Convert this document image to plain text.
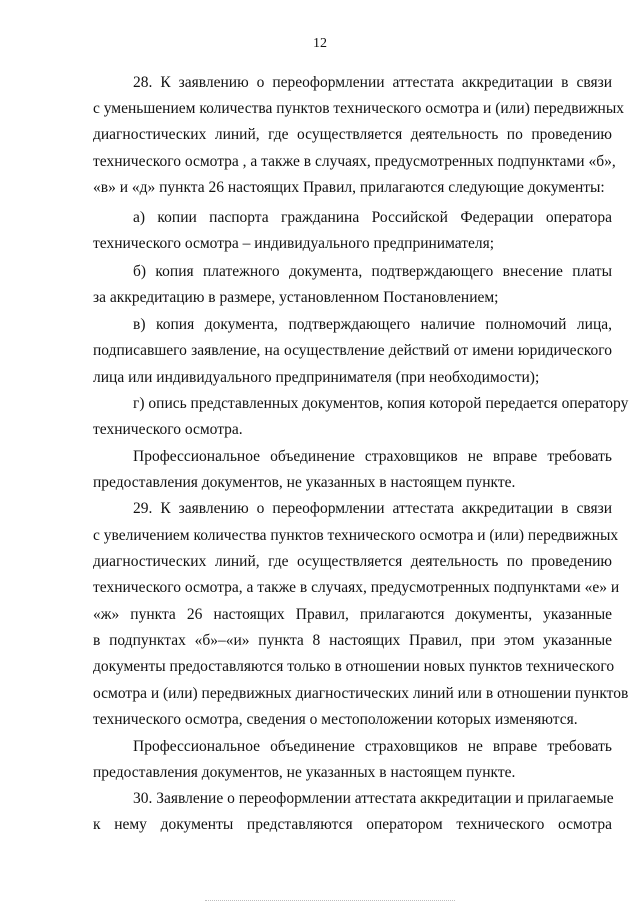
12
28. К заявлению о переоформлении аттестата аккредитации в связи
с уменьшением количества пунктов технического осмотра и (или) передвижных
диагностических линий, где осуществляется деятельность по проведению
технического осмотра , а также в случаях, предусмотренных подпунктами «б»,
«в» и «д» пункта 26 настоящих Правил, прилагаются следующие документы:
а) копии паспорта гражданина Российской Федерации оператора
технического осмотра – индивидуального предпринимателя;
б) копия платежного документа, подтверждающего внесение платы
за аккредитацию в размере, установленном Постановлением;
в) копия документа, подтверждающего наличие полномочий лица,
подписавшего заявление, на осуществление действий от имени юридического
лица или индивидуального предпринимателя (при необходимости);
г) опись представленных документов, копия которой передается оператору
технического осмотра.
Профессиональное объединение страховщиков не вправе требовать
предоставления документов, не указанных в настоящем пункте.
29. К заявлению о переоформлении аттестата аккредитации в связи
с увеличением количества пунктов технического осмотра и (или) передвижных
диагностических линий, где осуществляется деятельность по проведению
технического осмотра, а также в случаях, предусмотренных подпунктами «е» и
«ж» пункта 26 настоящих Правил, прилагаются документы, указанные
в подпунктах «б»–«и» пункта 8 настоящих Правил, при этом указанные
документы предоставляются только в отношении новых пунктов технического
осмотра и (или) передвижных диагностических линий или в отношении пунктов
технического осмотра, сведения о местоположении которых изменяются.
Профессиональное объединение страховщиков не вправе требовать
предоставления документов, не указанных в настоящем пункте.
30. Заявление о переоформлении аттестата аккредитации и прилагаемые
к нему документы представляются оператором технического осмотра
